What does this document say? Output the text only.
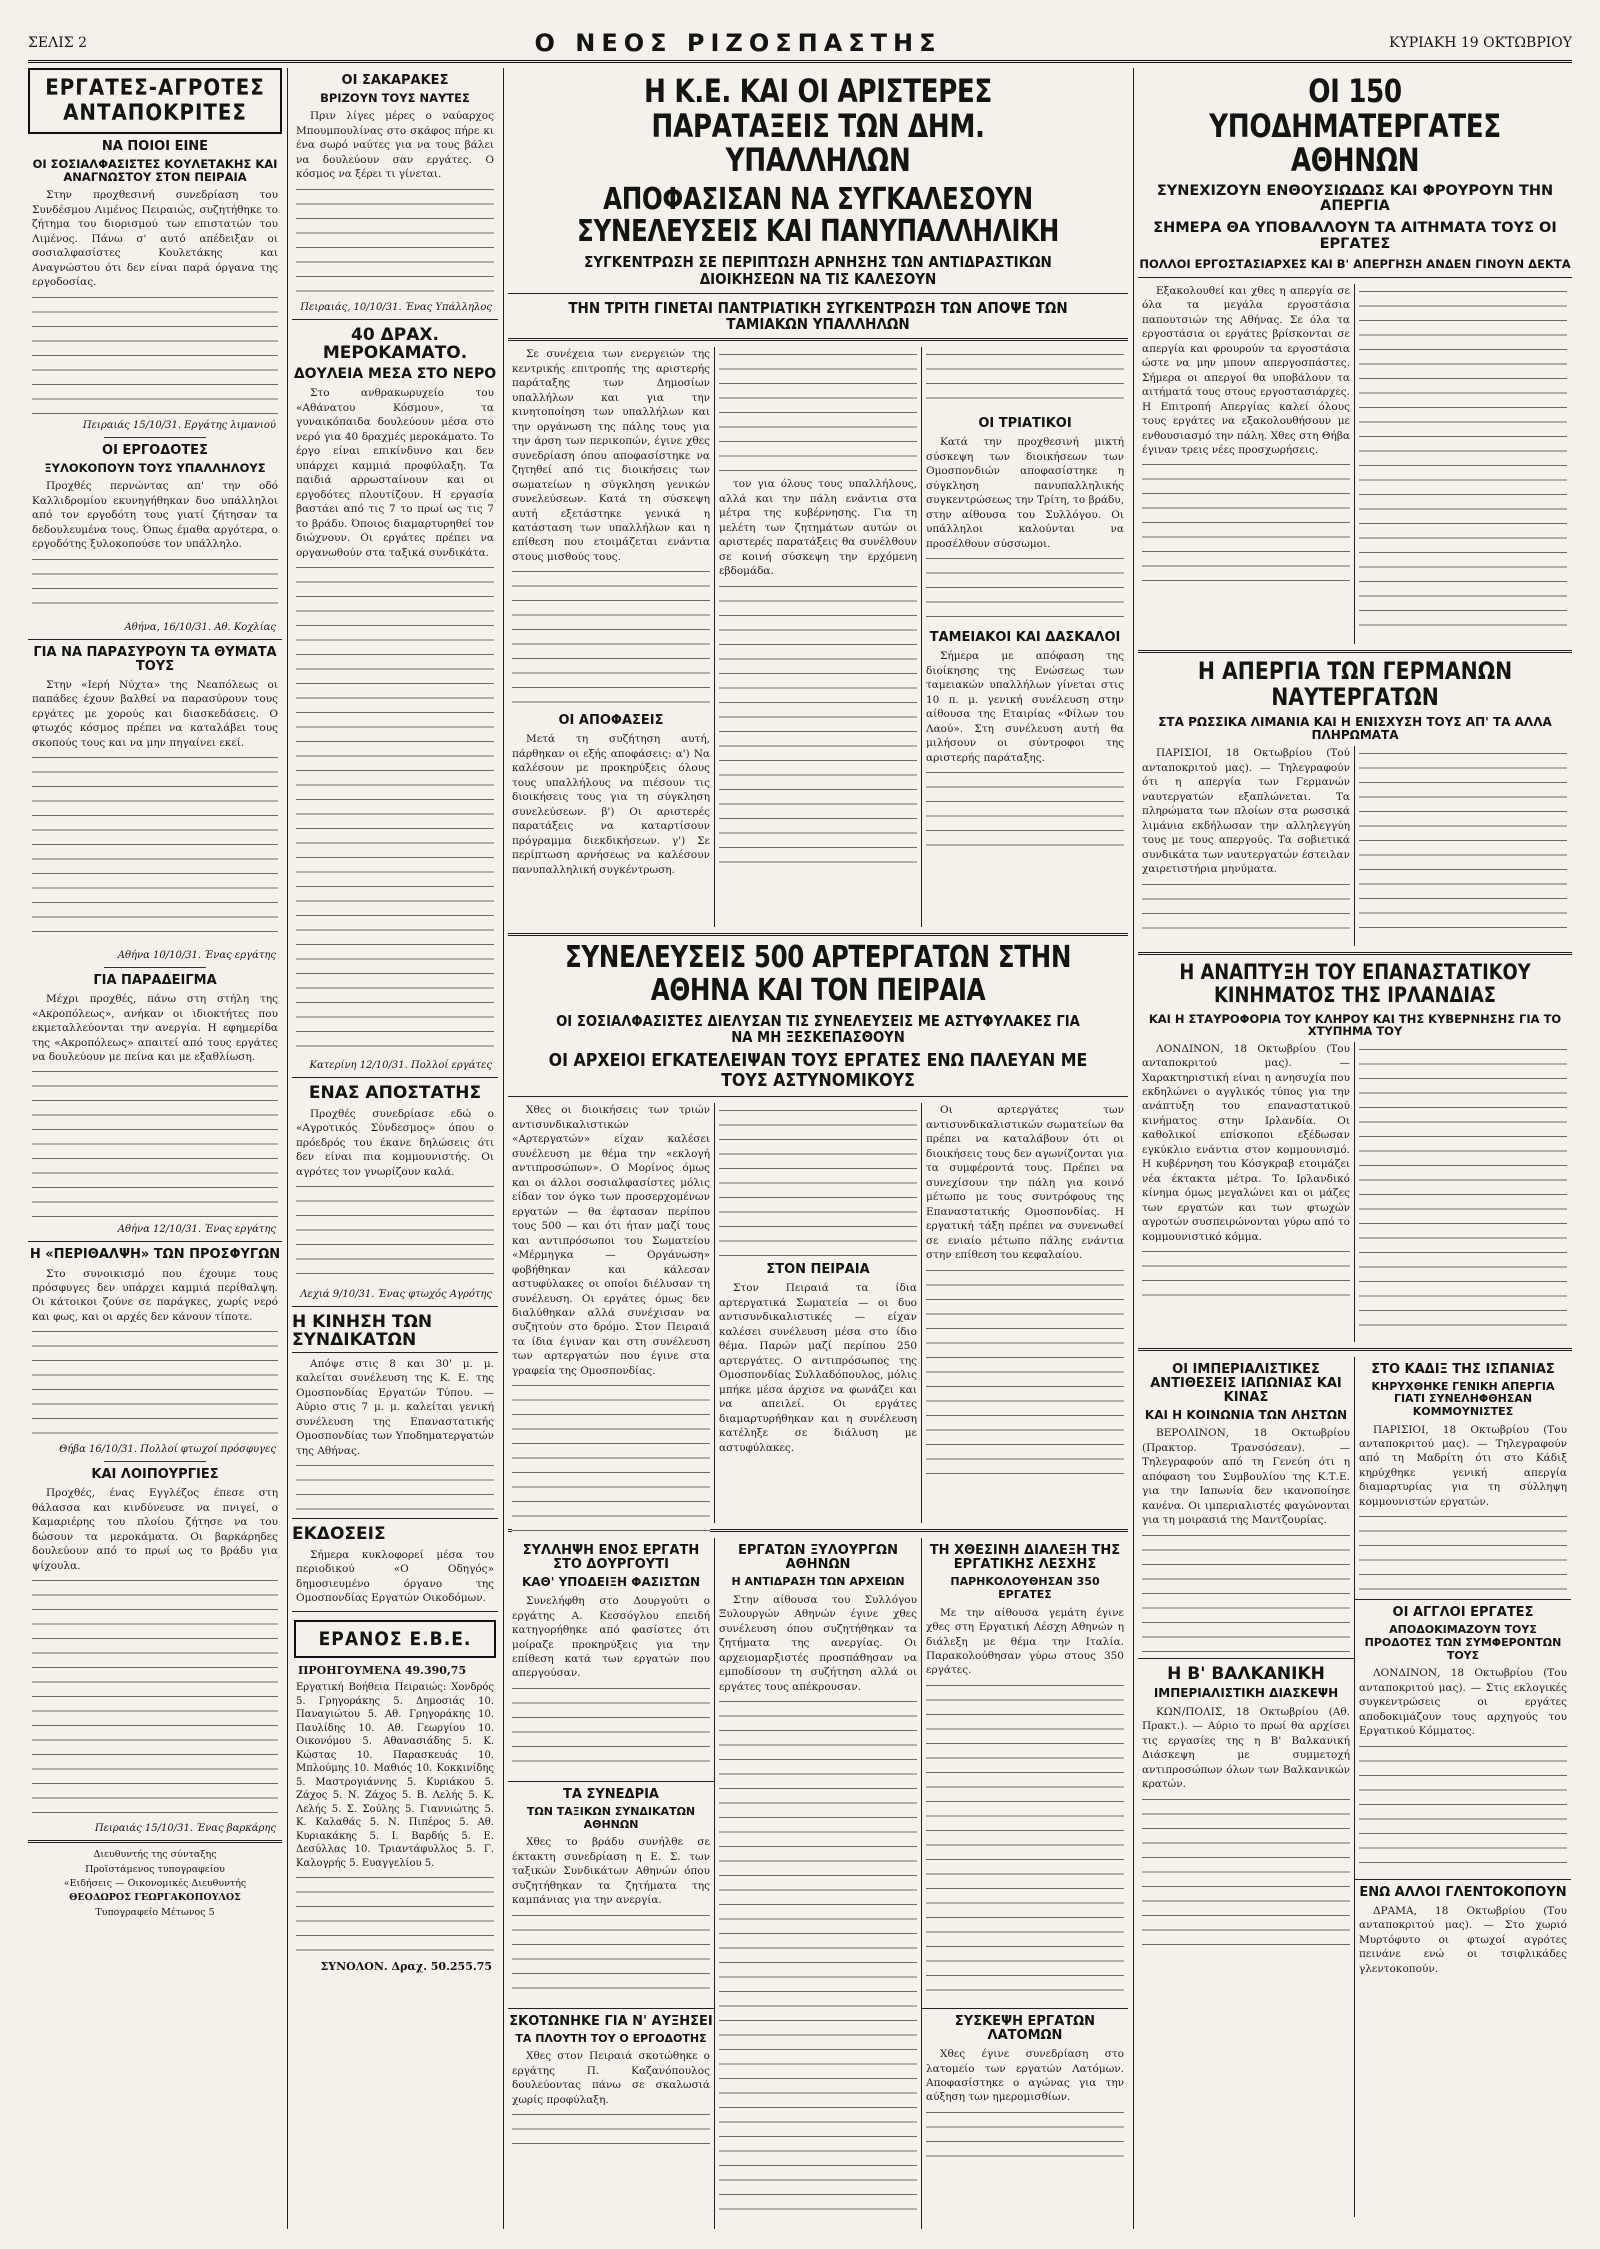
ΣΕΛΙΣ 2	Ο ΝΕΟΣ ΡΙΖΟΣΠΑΣΤΗΣ	ΚΥΡΙΑΚΗ 19 ΟΚΤΩΒΡΙΟΥ
ΕΡΓΑΤΕΣ-ΑΓΡΟΤΕΣ ΑΝΤΑΠΟΚΡΙΤΕΣ
ΝΑ ΠΟΙΟΙ ΕΙΝΕ
ΟΙ ΣΟΣΙΑΛΦΑΣΙΣΤΕΣ ΚΟΥΛΕΤΑΚΗΣ ΚΑΙ ΑΝΑΓΝΩΣΤΟΥ ΣΤΟΝ ΠΕΙΡΑΙΑ

Στην προχθεσινή συνεδρίαση του Συνδέσμου Λιμένος Πειραιώς, συζητήθηκε το ζήτημα του διορισμού των επιστατών του Λιμένος. Πάνω σ' αυτό απέδειξαν οι σοσιαλφασίστες Κουλετάκης και Αναγνώστου ότι δεν είναι παρά όργανα της εργοδοσίας.

Πειραιάς 15/10/31. Εργάτης λιμανιού
ΟΙ ΕΡΓΟΔΟΤΕΣ
ΞΥΛΟΚΟΠΟΥΝ ΤΟΥΣ ΥΠΑΛΛΗΛΟΥΣ

Προχθές περνώντας απ' την οδό Καλλιδρομίου εκυνηγήθηκαν δυο υπάλληλοι από τον εργοδότη τους γιατί ζήτησαν τα δεδουλευμένα τους. Όπως έμαθα αργότερα, ο εργοδότης ξυλοκοπούσε τον υπάλληλο.

Αθήνα, 16/10/31. Αθ. Κοχλίας
ΓΙΑ ΝΑ ΠΑΡΑΣΥΡΟΥΝ ΤΑ ΘΥΜΑΤΑ ΤΟΥΣ

Στην «Ιερή Νύχτα» της Νεαπόλεως οι παπάδες έχουν βαλθεί να παρασύρουν τους εργάτες με χορούς και διασκεδάσεις. Ο φτωχός κόσμος πρέπει να καταλάβει τους σκοπούς τους και να μην πηγαίνει εκεί.

Αθήνα 10/10/31. Ένας εργάτης
ΓΙΑ ΠΑΡΑΔΕΙΓΜΑ

Μέχρι προχθές, πάνω στη στήλη της «Ακροπόλεως», ανήκαν οι ιδιοκτήτες που εκμεταλλεύονται την ανεργία. Η εφημερίδα της «Ακροπόλεως» απαιτεί από τους εργάτες να δουλεύουν με πείνα και με εξαθλίωση.

Αθήνα 12/10/31. Ένας εργάτης
Η «ΠΕΡΙΘΑΛΨΗ» ΤΩΝ ΠΡΟΣΦΥΓΩΝ

Στο συνοικισμό που έχουμε τους πρόσφυγες δεν υπάρχει καμμιά περίθαλψη. Οι κάτοικοι ζούνε σε παράγκες, χωρίς νερό και φως, και οι αρχές δεν κάνουν τίποτε.

Θήβα 16/10/31. Πολλοί φτωχοί πρόσφυγες
ΚΑΙ ΛΟΙΠΟΥΡΓΙΕΣ

Προχθές, ένας Εγγλέζος έπεσε στη θάλασσα και κινδύνευσε να πνιγεί, ο Καμαριέρης του πλοίου ζήτησε να του δώσουν τα μεροκάματα. Οι βαρκάρηδες δουλεύουν από το πρωί ως το βράδυ για ψίχουλα.

Πειραιάς 15/10/31. Ένας βαρκάρης
Διευθυντής της σύνταξης
Προϊστάμενος τυπογραφείου
«Ειδήσεις — Οικονομικές Διευθυντής
ΘΕΟΔΩΡΟΣ ΓΕΩΡΓΑΚΟΠΟΥΛΟΣ
Τυπογραφείο Μέτωνος 5
ΟΙ ΣΑΚΑΡΑΚΕΣ
ΒΡΙΖΟΥΝ ΤΟΥΣ ΝΑΥΤΕΣ

Πριν λίγες μέρες ο ναύαρχος Μπουμπουλίνας στο σκάφος πήρε κι ένα σωρό ναύτες για να τους βάλει να δουλεύουν σαν εργάτες. Ο κόσμος να ξέρει τι γίνεται.

Πειραιάς, 10/10/31. Ένας Υπάλληλος
40 ΔΡΑΧ. ΜΕΡΟΚΑΜΑΤΟ.
ΔΟΥΛΕΙΑ ΜΕΣΑ ΣΤΟ ΝΕΡΟ

Στο ανθρακωρυχείο του «Αθάνατου Κόσμου», τα γυναικόπαιδα δουλεύουν μέσα στο νερό για 40 δραχμές μεροκάματο. Το έργο είναι επικίνδυνο και δεν υπάρχει καμμιά προφύλαξη. Τα παιδιά αρρωσταίνουν και οι εργοδότες πλουτίζουν. Η εργασία βαστάει από τις 7 το πρωί ως τις 7 το βράδυ. Όποιος διαμαρτυρηθεί τον διώχνουν. Οι εργάτες πρέπει να οργανωθούν στα ταξικά συνδικάτα.

Κατερίνη 12/10/31. Πολλοί εργάτες
ΕΝΑΣ ΑΠΟΣΤΑΤΗΣ

Προχθές συνεδρίασε εδώ ο «Αγροτικός Σύνδεσμος» όπου ο πρόεδρός του έκανε δηλώσεις ότι δεν είναι πια κομμουνιστής. Οι αγρότες τον γνωρίζουν καλά.

Λεχιά 9/10/31. Ένας φτωχός Αγρότης
Η ΚΙΝΗΣΗ ΤΩΝ ΣΥΝΔΙΚΑΤΩΝ

Απόψε στις 8 και 30' μ. μ. καλείται συνέλευση της Κ. Ε. της Ομοσπονδίας Εργατών Τύπου. — Αύριο στις 7 μ. μ. καλείται γενική συνέλευση της Επαναστατικής Ομοσπονδίας των Υποδηματεργατών της Αθήνας.

ΕΚΔΟΣΕΙΣ

Σήμερα κυκλοφορεί μέσα του περιοδικού «Ο Οδηγός» δημοσιευμένο όργανο της Ομοσπονδίας Εργατών Οικοδόμων.

ΕΡΑΝΟΣ Ε.Β.Ε.
ΠΡΟΗΓΟΥΜΕΝΑ 49.390,75
Εργατική Βοήθεια Πειραιώς: Χονδρός 5. Γρηγοράκης 5. Δημοσιάς 10. Παναγιώτου 5. Αθ. Γρηγοράκης 10. Παυλίδης 10. Αθ. Γεωργίου 10. Οικονόμου 5. Αθανασιάδης 5. Κ. Κώστας 10. Παρασκευάς 10. Μπλούμης 10. Μαθιός 10. Κοκκινίδης 5. Μαστρογιάννης 5. Κυριάκου 5. Ζάχος 5. Ν. Ζάχος 5. Β. Λελής 5. Κ. Λελής 5. Σ. Σούλης 5. Γιαννιώτης 5. Κ. Καλαθάς 5. Ν. Πιπέρος 5. Αθ. Κυριακάκης 5. Ι. Βαρδής 5. Ε. Δεσύλλας 10. Τριαντάφυλλος 5. Γ. Καλογρής 5. Ευαγγελίου 5.
ΣΥΝΟΛΟΝ. Δραχ. 50.255.75
Η Κ.Ε. ΚΑΙ ΟΙ ΑΡΙΣΤΕΡΕΣ ΠΑΡΑΤΑΞΕΙΣ ΤΩΝ ΔΗΜ. ΥΠΑΛΛΗΛΩΝ
ΑΠΟΦΑΣΙΣΑΝ ΝΑ ΣΥΓΚΑΛΕΣΟΥΝ ΣΥΝΕΛΕΥΣΕΙΣ ΚΑΙ ΠΑΝΥΠΑΛΛΗΛΙΚΗ
ΣΥΓΚΕΝΤΡΩΣΗ ΣΕ ΠΕΡΙΠΤΩΣΗ ΑΡΝΗΣΗΣ ΤΩΝ ΑΝΤΙΔΡΑΣΤΙΚΩΝ ΔΙΟΙΚΗΣΕΩΝ ΝΑ ΤΙΣ ΚΑΛΕΣΟΥΝ
ΤΗΝ ΤΡΙΤΗ ΓΙΝΕΤΑΙ ΠΑΝΤΡΙΑΤΙΚΗ ΣΥΓΚΕΝΤΡΩΣΗ ΤΩΝ ΑΠΟΨΕ ΤΩΝ ΤΑΜΙΑΚΩΝ ΥΠΑΛΛΗΛΩΝ

Σε συνέχεια των ενεργειών της κεντρικής επιτροπής της αριστερής παράταξης των Δημοσίων υπαλλήλων και για την κινητοποίηση των υπαλλήλων και την οργάνωση της πάλης τους για την άρση των περικοπών, έγινε χθες συνεδρίαση όπου αποφασίστηκε να ζητηθεί από τις διοικήσεις των σωματείων η σύγκληση γενικών συνελεύσεων. Κατά τη σύσκεψη αυτή εξετάστηκε γενικά η κατάσταση των υπαλλήλων και η επίθεση που ετοιμάζεται ενάντια στους μισθούς τους.

ΟΙ ΑΠΟΦΑΣΕΙΣ

Μετά τη συζήτηση αυτή, πάρθηκαν οι εξής αποφάσεις: α') Να καλέσουν με προκηρύξεις όλους τους υπαλλήλους να πιέσουν τις διοικήσεις τους για τη σύγκληση συνελεύσεων. β') Οι αριστερές παρατάξεις να καταρτίσουν πρόγραμμα διεκδικήσεων. γ') Σε περίπτωση αρνήσεως να καλέσουν πανυπαλληλική συγκέντρωση.

τον για όλους τους υπαλλήλους, αλλά και την πάλη ενάντια στα μέτρα της κυβέρνησης. Για τη μελέτη των ζητημάτων αυτών οι αριστερές παρατάξεις θα συνέλθουν σε κοινή σύσκεψη την ερχόμενη εβδομάδα.

ΟΙ ΤΡΙΑΤΙΚΟΙ

Κατά την προχθεσινή μικτή σύσκεψη των διοικήσεων των Ομοσπονδιών αποφασίστηκε η σύγκληση πανυπαλληλικής συγκεντρώσεως την Τρίτη, το βράδυ, στην αίθουσα του Συλλόγου. Οι υπάλληλοι καλούνται να προσέλθουν σύσσωμοι.

ΤΑΜΕΙΑΚΟΙ ΚΑΙ ΔΑΣΚΑΛΟΙ

Σήμερα με απόφαση της διοίκησης της Ενώσεως των ταμειακών υπαλλήλων γίνεται στις 10 π. μ. γενική συνέλευση στην αίθουσα της Εταιρίας «Φίλων του Λαού». Στη συνέλευση αυτή θα μιλήσουν οι σύντροφοι της αριστερής παράταξης.

ΣΥΝΕΛΕΥΣΕΙΣ 500 ΑΡΤΕΡΓΑΤΩΝ ΣΤΗΝ ΑΘΗΝΑ ΚΑΙ ΤΟΝ ΠΕΙΡΑΙΑ
ΟΙ ΣΟΣΙΑΛΦΑΣΙΣΤΕΣ ΔΙΕΛΥΣΑΝ ΤΙΣ ΣΥΝΕΛΕΥΣΕΙΣ ΜΕ ΑΣΤΥΦΥΛΑΚΕΣ ΓΙΑ ΝΑ ΜΗ ΞΕΣΚΕΠΑΣΘΟΥΝ
ΟΙ ΑΡΧΕΙΟΙ ΕΓΚΑΤΕΛΕΙΨΑΝ ΤΟΥΣ ΕΡΓΑΤΕΣ ΕΝΩ ΠΑΛΕΥΑΝ ΜΕ ΤΟΥΣ ΑΣΤΥΝΟΜΙΚΟΥΣ

Χθες οι διοικήσεις των τριών αντισυνδικαλιστικών «Αρτεργατών» είχαν καλέσει συνέλευση με θέμα την «εκλογή αντιπροσώπων». Ο Μορίνος όμως και οι άλλοι σοσιαλφασίστες μόλις είδαν τον όγκο των προσερχομένων εργατών — θα έφτασαν περίπου τους 500 — και ότι ήταν μαζί τους και αντιπρόσωποι του Σωματείου «Μέρμηγκα — Οργάνωση» φοβήθηκαν και κάλεσαν αστυφύλακες οι οποίοι διέλυσαν τη συνέλευση. Οι εργάτες όμως δεν διαλύθηκαν αλλά συνέχισαν να συζητούν στο δρόμο. Στον Πειραιά τα ίδια έγιναν και στη συνέλευση των αρτεργατών που έγινε στα γραφεία της Ομοσπονδίας.

ΣΤΟΝ ΠΕΙΡΑΙΑ

Στον Πειραιά τα ίδια αρτεργατικά Σωματεία — οι δυο αντισυνδικαλιστικές — είχαν καλέσει συνέλευση μέσα στο ίδιο θέμα. Παρών μαζί περίπου 250 αρτεργάτες. Ο αντιπρόσωπος της Ομοσπονδίας Συλλαδόπουλος, μόλις μπήκε μέσα άρχισε να φωνάζει και να απειλεί. Οι εργάτες διαμαρτυρήθηκαν και η συνέλευση κατέληξε σε διάλυση με αστυφύλακες.

Οι αρτεργάτες των αντισυνδικαλιστικών σωματείων θα πρέπει να καταλάβουν ότι οι διοικήσεις τους δεν αγωνίζονται για τα συμφέροντά τους. Πρέπει να συνεχίσουν την πάλη για κοινό μέτωπο με τους συντρόφους της Επαναστατικής Ομοσπονδίας. Η εργατική τάξη πρέπει να συνενωθεί σε ενιαίο μέτωπο πάλης ενάντια στην επίθεση του κεφαλαίου.

ΣΥΛΛΗΨΗ ΕΝΟΣ ΕΡΓΑΤΗ ΣΤΟ ΔΟΥΡΓΟΥΤΙ
ΚΑΘ' ΥΠΟΔΕΙΞΗ ΦΑΣΙΣΤΩΝ

Συνελήφθη στο Δουργούτι ο εργάτης Α. Κεσσόγλου επειδή κατηγορήθηκε από φασίστες ότι μοίραζε προκηρύξεις για την επίθεση κατά των εργατών που απεργούσαν.

ΤΑ ΣΥΝΕΔΡΙΑ
ΤΩΝ ΤΑΞΙΚΩΝ ΣΥΝΔΙΚΑΤΩΝ ΑΘΗΝΩΝ

Χθες το βράδυ συνήλθε σε έκτακτη συνεδρίαση η Ε. Σ. των ταξικών Συνδικάτων Αθηνών όπου συζητήθηκαν τα ζητήματα της καμπάνιας για την ανεργία.

ΣΚΟΤΩΝΗΚΕ ΓΙΑ Ν' ΑΥΞΗΣΕΙ
ΤΑ ΠΛΟΥΤΗ ΤΟΥ Ο ΕΡΓΟΔΟΤΗΣ

Χθες στον Πειραιά σκοτώθηκε ο εργάτης Π. Καζανόπουλος δουλεύοντας πάνω σε σκαλωσιά χωρίς προφύλαξη.

ΕΡΓΑΤΩΝ ΞΥΛΟΥΡΓΩΝ ΑΘΗΝΩΝ
Η ΑΝΤΙΔΡΑΣΗ ΤΩΝ ΑΡΧΕΙΩΝ

Στην αίθουσα του Συλλόγου Ξυλουργών Αθηνών έγινε χθες συνέλευση όπου συζητήθηκαν τα ζητήματα της ανεργίας. Οι αρχειομαρξιστές προσπάθησαν να εμποδίσουν τη συζήτηση αλλά οι εργάτες τους απέκρουσαν.

ΤΗ ΧΘΕΣΙΝΗ ΔΙΑΛΕΞΗ ΤΗΣ ΕΡΓΑΤΙΚΗΣ ΛΕΣΧΗΣ
ΠΑΡΗΚΟΛΟΥΘΗΣΑΝ 350 ΕΡΓΑΤΕΣ

Με την αίθουσα γεμάτη έγινε χθες στη Εργατική Λέσχη Αθηνών η διάλεξη με θέμα την Ιταλία. Παρακολούθησαν γύρω στους 350 εργάτες.

ΣΥΣΚΕΨΗ ΕΡΓΑΤΩΝ ΛΑΤΟΜΩΝ

Χθες έγινε συνεδρίαση στο λατομείο των εργατών Λατόμων. Αποφασίστηκε ο αγώνας για την αύξηση των ημερομισθίων.

ΟΙ 150 ΥΠΟΔΗΜΑΤΕΡΓΑΤΕΣ ΑΘΗΝΩΝ
ΣΥΝΕΧΙΖΟΥΝ ΕΝΘΟΥΣΙΩΔΩΣ ΚΑΙ ΦΡΟΥΡΟΥΝ ΤΗΝ ΑΠΕΡΓΙΑ
ΣΗΜΕΡΑ ΘΑ ΥΠΟΒΑΛΛΟΥΝ ΤΑ ΑΙΤΗΜΑΤΑ ΤΟΥΣ ΟΙ ΕΡΓΑΤΕΣ
ΠΟΛΛΟΙ ΕΡΓΟΣΤΑΣΙΑΡΧΕΣ ΚΑΙ Β' ΑΠΕΡΓΗΣΗ ΑΝΔΕΝ ΓΙΝΟΥΝ ΔΕΚΤΑ

Εξακολουθεί και χθες η απεργία σε όλα τα μεγάλα εργοστάσια παπουτσιών της Αθήνας. Σε όλα τα εργοστάσια οι εργάτες βρίσκονται σε απεργία και φρουρούν τα εργοστάσια ώστε να μην μπουν απεργοσπάστες. Σήμερα οι απεργοί θα υποβάλουν τα αιτήματά τους στους εργοστασιάρχες. Η Επιτροπή Απεργίας καλεί όλους τους εργάτες να εξακολουθήσουν με ενθουσιασμό την πάλη. Χθες στη Θήβα έγιναν τρεις νέες προσχωρήσεις.

Η ΑΠΕΡΓΙΑ ΤΩΝ ΓΕΡΜΑΝΩΝ ΝΑΥΤΕΡΓΑΤΩΝ
ΣΤΑ ΡΩΣΣΙΚΑ ΛΙΜΑΝΙΑ ΚΑΙ Η ΕΝΙΣΧΥΣΗ ΤΟΥΣ ΑΠ' ΤΑ ΑΛΛΑ ΠΛΗΡΩΜΑΤΑ

ΠΑΡΙΣΙΟΙ, 18 Οκτωβρίου (Τού ανταποκριτού μας). — Τηλεγραφούν ότι η απεργία των Γερμανών ναυτεργατών εξαπλώνεται. Τα πληρώματα των πλοίων στα ρωσσικά λιμάνια εκδήλωσαν την αλληλεγγύη τους με τους απεργούς. Τα σοβιετικά συνδικάτα των ναυτεργατών έστειλαν χαιρετιστήρια μηνύματα.

Η ΑΝΑΠΤΥΞΗ ΤΟΥ ΕΠΑΝΑΣΤΑΤΙΚΟΥ ΚΙΝΗΜΑΤΟΣ ΤΗΣ ΙΡΛΑΝΔΙΑΣ
ΚΑΙ Η ΣΤΑΥΡΟΦΟΡΙΑ ΤΟΥ ΚΛΗΡΟΥ ΚΑΙ ΤΗΣ ΚΥΒΕΡΝΗΣΗΣ ΓΙΑ ΤΟ ΧΤΥΠΗΜΑ ΤΟΥ

ΛΟΝΔΙΝΟΝ, 18 Οκτωβρίου (Του ανταποκριτού μας). — Χαρακτηριστική είναι η ανησυχία που εκδηλώνει ο αγγλικός τύπος για την ανάπτυξη του επαναστατικού κινήματος στην Ιρλανδία. Οι καθολικοί επίσκοποι εξέδωσαν εγκύκλιο ενάντια στον κομμουνισμό. Η κυβέρνηση του Κόσγκραβ ετοιμάζει νέα έκτακτα μέτρα. Το Ιρλανδικό κίνημα όμως μεγαλώνει και οι μάζες των εργατών και των φτωχών αγροτών συσπειρώνονται γύρω από το κομμουνιστικό κόμμα.

ΟΙ ΙΜΠΕΡΙΑΛΙΣΤΙΚΕΣ ΑΝΤΙΘΕΣΕΙΣ ΙΑΠΩΝΙΑΣ ΚΑΙ ΚΙΝΑΣ
ΚΑΙ Η ΚΟΙΝΩΝΙΑ ΤΩΝ ΛΗΣΤΩΝ

ΒΕΡΟΛΙΝΟΝ, 18 Οκτωβρίου (Πρακτορ. Τρανσόσεαν). — Τηλεγραφούν από τη Γενεύη ότι η απόφαση του Συμβουλίου της Κ.Τ.Ε. για την Ιαπωνία δεν ικανοποίησε κανένα. Οι ιμπεριαλιστές φαγώνονται για τη μοιρασιά της Μαντζουρίας.

Η Β' ΒΑΛΚΑΝΙΚΗ
ΙΜΠΕΡΙΑΛΙΣΤΙΚΗ ΔΙΑΣΚΕΨΗ

ΚΩΝ/ΠΟΛΙΣ, 18 Οκτωβρίου (Αθ. Πρακτ.). — Αύριο το πρωί θα αρχίσει τις εργασίες της η Β' Βαλκανική Διάσκεψη με συμμετοχή αντιπροσώπων όλων των Βαλκανικών κρατών.

ΣΤΟ ΚΑΔΙΞ ΤΗΣ ΙΣΠΑΝΙΑΣ
ΚΗΡΥΧΘΗΚΕ ΓΕΝΙΚΗ ΑΠΕΡΓΙΑ ΓΙΑΤΙ ΣΥΝΕΛΗΦΘΗΣΑΝ ΚΟΜΜΟΥΝΙΣΤΕΣ

ΠΑΡΙΣΙΟΙ, 18 Οκτωβρίου (Του ανταποκριτού μας). — Τηλεγραφούν από τη Μαδρίτη ότι στο Κάδιξ κηρύχθηκε γενική απεργία διαμαρτυρίας για τη σύλληψη κομμουνιστών εργατών.

ΟΙ ΑΓΓΛΟΙ ΕΡΓΑΤΕΣ
ΑΠΟΔΟΚΙΜΑΖΟΥΝ ΤΟΥΣ ΠΡΟΔΟΤΕΣ ΤΩΝ ΣΥΜΦΕΡΟΝΤΩΝ ΤΟΥΣ

ΛΟΝΔΙΝΟΝ, 18 Οκτωβρίου (Του ανταποκριτού μας). — Στις εκλογικές συγκεντρώσεις οι εργάτες αποδοκιμάζουν τους αρχηγούς του Εργατικού Κόμματος.

ΕΝΩ ΑΛΛΟΙ ΓΛΕΝΤΟΚΟΠΟΥΝ

ΔΡΑΜΑ, 18 Οκτωβρίου (Του ανταποκριτού μας). — Στο χωριό Μυρτόφυτο οι φτωχοί αγρότες πεινάνε ενώ οι τσιφλικάδες γλεντοκοπούν.
